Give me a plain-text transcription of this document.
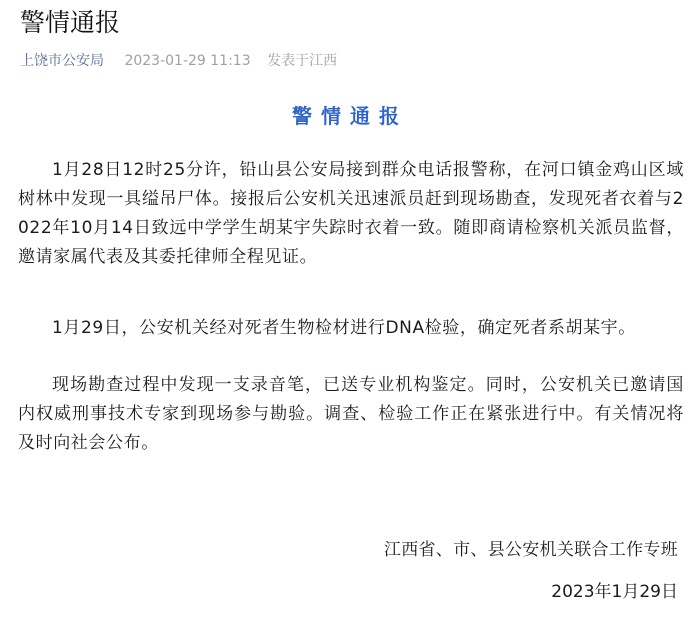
警情通报
上饶市公安局 2023-01-29 11:13 发表于江西
警情通报

1月28日12时25分许，铅山县公安局接到群众电话报警称，在河口镇金鸡山区域树林中发现一具缢吊尸体。接报后公安机关迅速派员赶到现场勘查，发现死者衣着与2022年10月14日致远中学学生胡某宇失踪时衣着一致。随即商请检察机关派员监督，邀请家属代表及其委托律师全程见证。

1月29日，公安机关经对死者生物检材进行DNA检验，确定死者系胡某宇。

现场勘查过程中发现一支录音笔，已送专业机构鉴定。同时，公安机关已邀请国内权威刑事技术专家到现场参与勘验。调查、检验工作正在紧张进行中。有关情况将及时向社会公布。

江西省、市、县公安机关联合工作专班

2023年1月29日
